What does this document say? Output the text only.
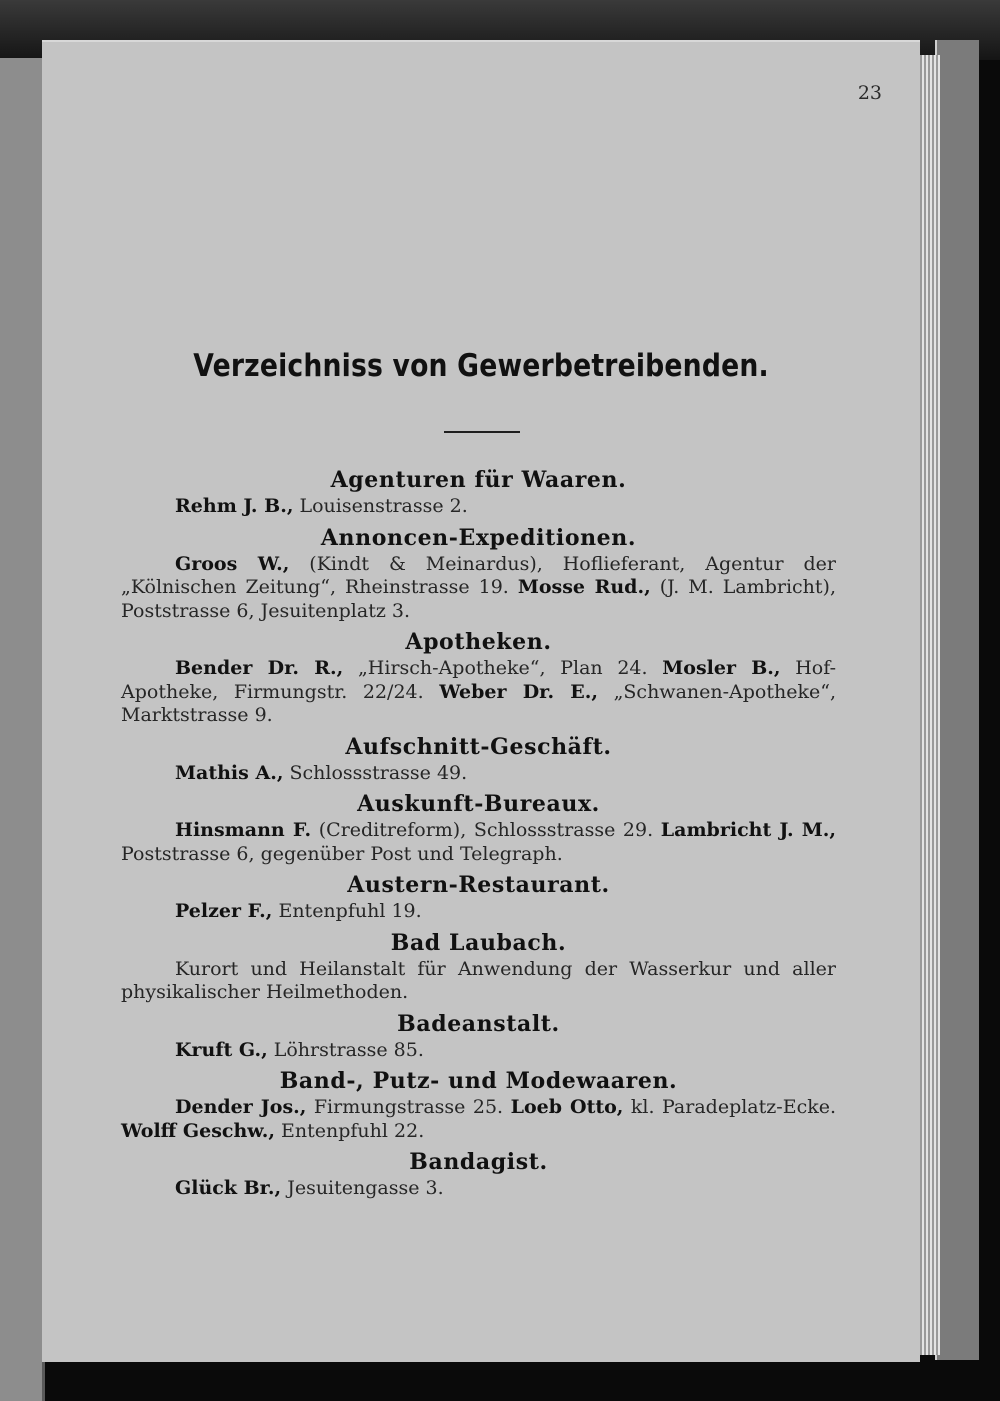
23
Verzeichniss von Gewerbetreibenden.
Agenturen für Waaren.
Rehm J. B., Louisenstrasse 2.
Annoncen-Expeditionen.
Groos W., (Kindt & Meinardus), Hoflieferant, Agentur der „Kölnischen Zeitung“, Rheinstrasse 19. Mosse Rud., (J. M. Lambricht), Poststrasse 6, Jesuitenplatz 3.
Apotheken.
Bender Dr. R., „Hirsch-Apotheke“, Plan 24. Mosler B., Hof-Apotheke, Firmungstr. 22/24. Weber Dr. E., „Schwanen-Apotheke“, Marktstrasse 9.
Aufschnitt-Geschäft.
Mathis A., Schlossstrasse 49.
Auskunft-Bureaux.
Hinsmann F. (Creditreform), Schlossstrasse 29. Lambricht J. M., Poststrasse 6, gegenüber Post und Telegraph.
Austern-Restaurant.
Pelzer F., Entenpfuhl 19.
Bad Laubach.
Kurort und Heilanstalt für Anwendung der Wasserkur und aller physikalischer Heilmethoden.
Badeanstalt.
Kruft G., Löhrstrasse 85.
Band-, Putz- und Modewaaren.
Dender Jos., Firmungstrasse 25. Loeb Otto, kl. Paradeplatz-Ecke. Wolff Geschw., Entenpfuhl 22.
Bandagist.
Glück Br., Jesuitengasse 3.
